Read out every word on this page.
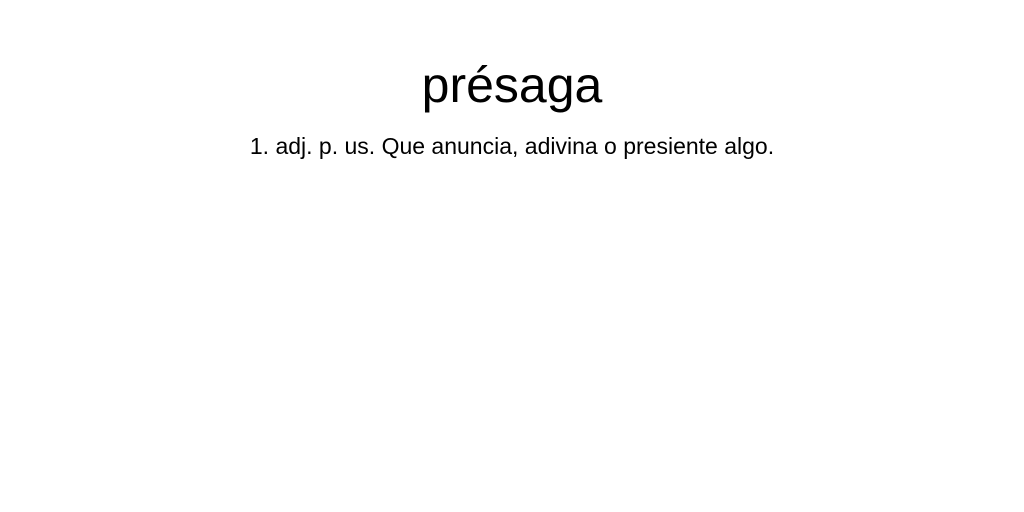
présaga

1. adj. p. us. Que anuncia, adivina o presiente algo.
